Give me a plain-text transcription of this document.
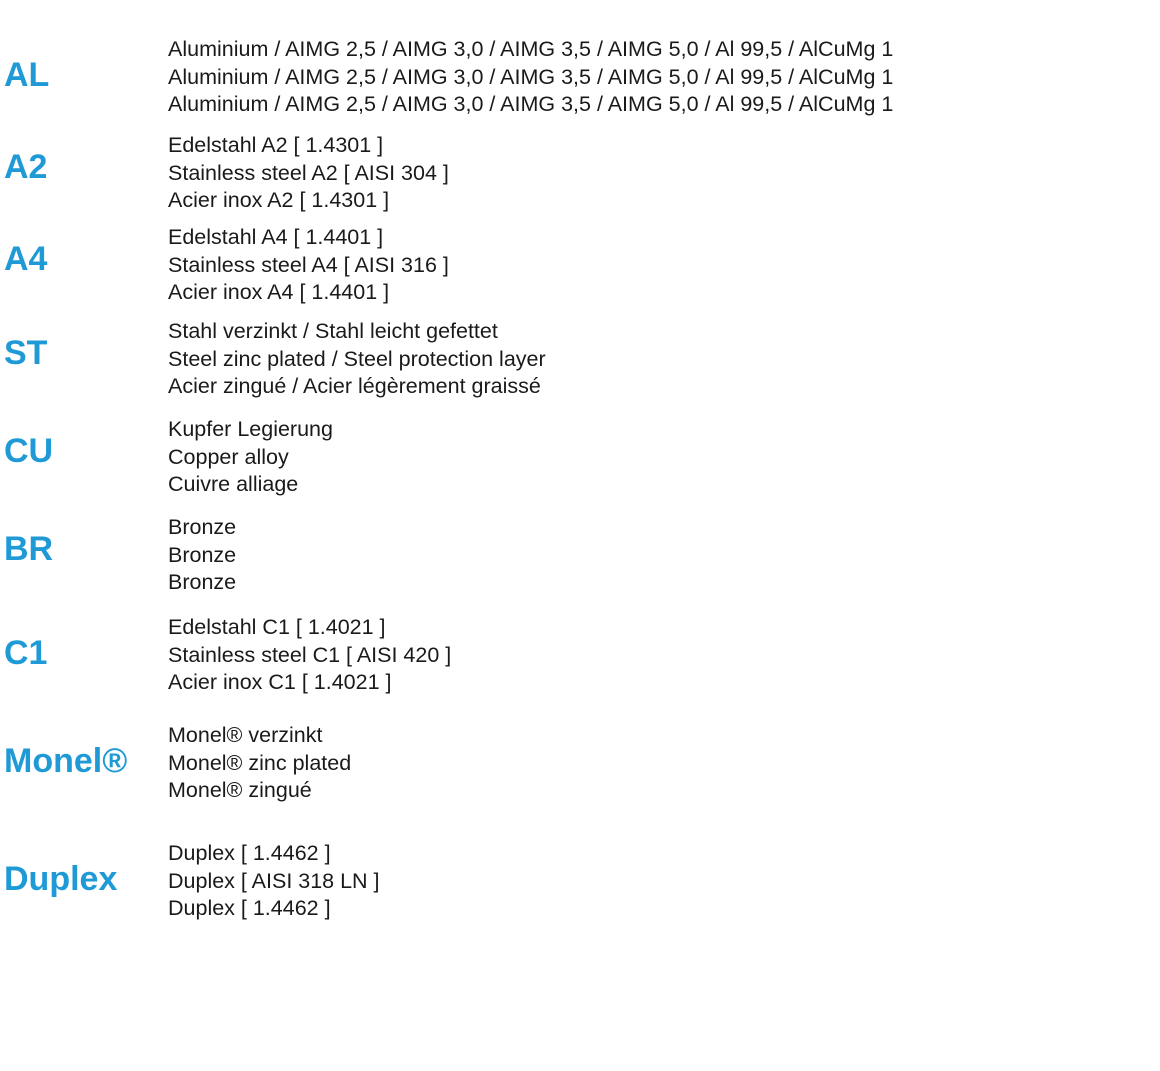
AL
Aluminium / AIMG 2,5 / AIMG 3,0 / AIMG 3,5 / AIMG 5,0 / Al 99,5 / AlCuMg 1
Aluminium / AIMG 2,5 / AIMG 3,0 / AIMG 3,5 / AIMG 5,0 / Al 99,5 / AlCuMg 1
Aluminium / AIMG 2,5 / AIMG 3,0 / AIMG 3,5 / AIMG 5,0 / Al 99,5 / AlCuMg 1
A2
Edelstahl A2 [ 1.4301 ]
Stainless steel A2 [ AISI 304 ]
Acier inox A2 [ 1.4301 ]
A4
Edelstahl A4 [ 1.4401 ]
Stainless steel A4 [ AISI 316 ]
Acier inox A4 [ 1.4401 ]
ST
Stahl verzinkt / Stahl leicht gefettet
Steel zinc plated / Steel protection layer
Acier zingué / Acier légèrement graissé
CU
Kupfer Legierung
Copper alloy
Cuivre alliage
BR
Bronze
Bronze
Bronze
C1
Edelstahl C1 [ 1.4021 ]
Stainless steel C1 [ AISI 420 ]
Acier inox C1 [ 1.4021 ]
Monel®
Monel® verzinkt
Monel® zinc plated
Monel® zingué
Duplex
Duplex [ 1.4462 ]
Duplex [ AISI 318 LN ]
Duplex [ 1.4462 ]
